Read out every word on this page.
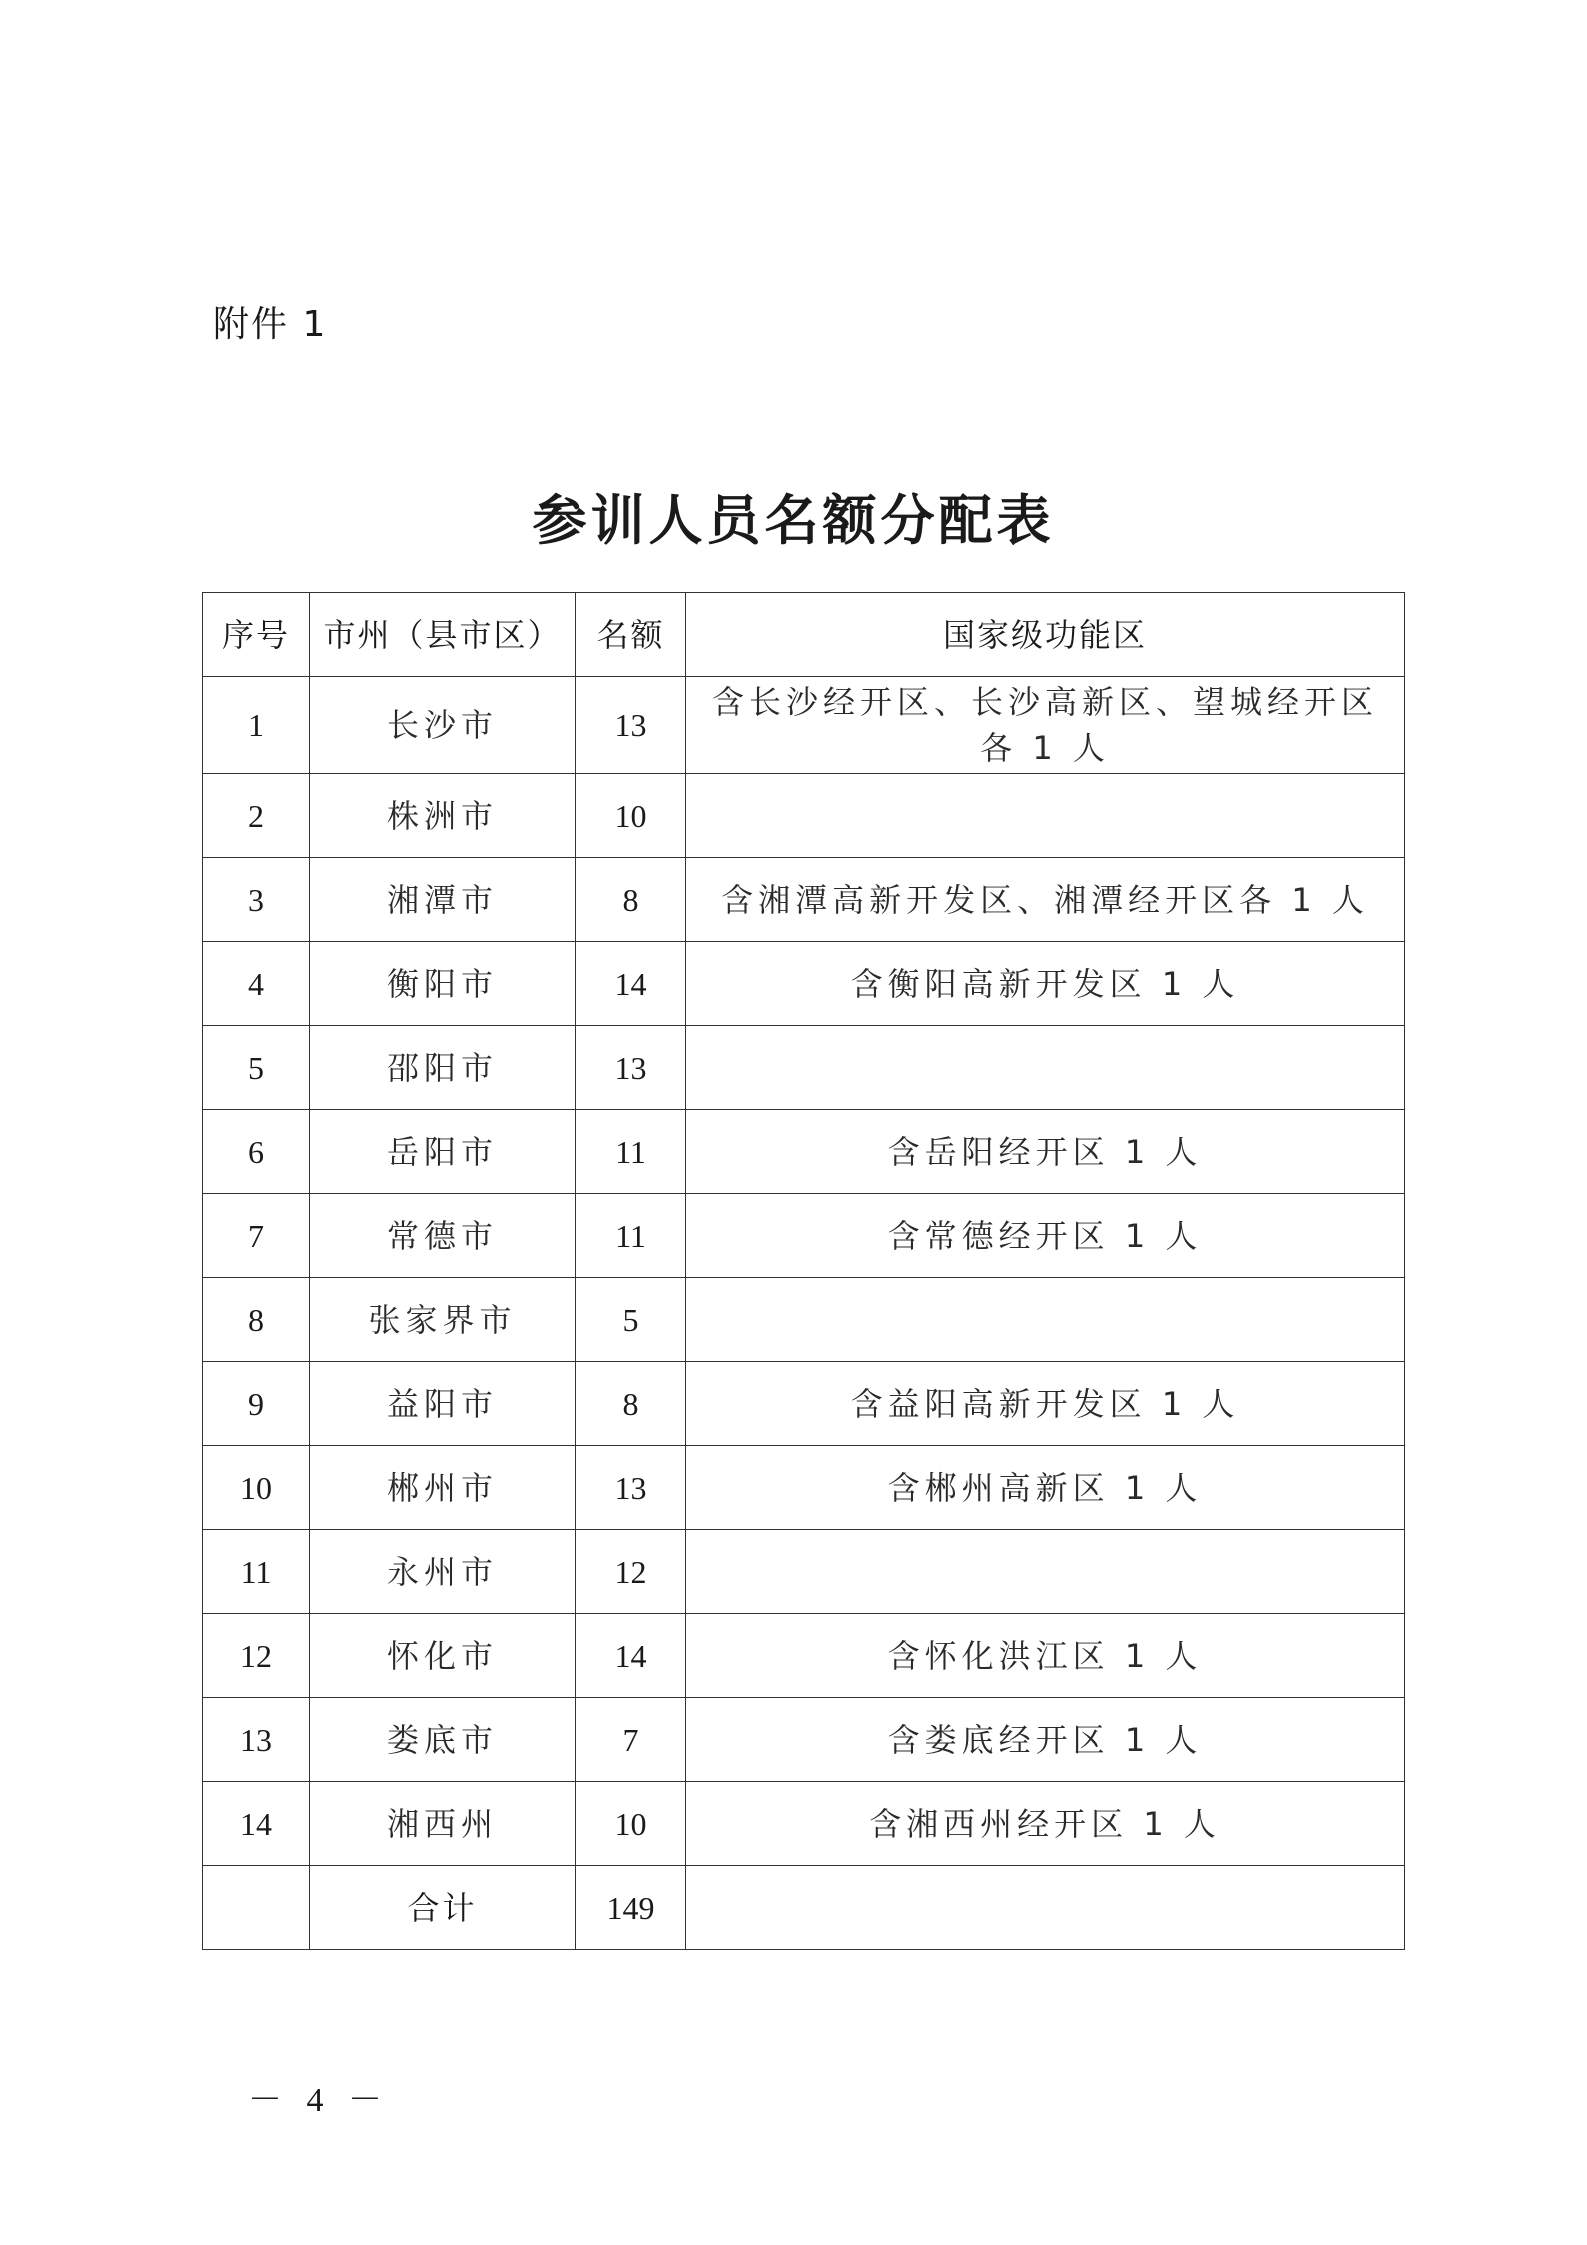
附件 1
参训人员名额分配表
序号	市州（县市区）	名额	国家级功能区
1	长沙市	13	含长沙经开区、长沙高新区、望城经开区各 1 人
2	株洲市	10	
3	湘潭市	8	含湘潭高新开发区、湘潭经开区各 1 人
4	衡阳市	14	含衡阳高新开发区 1 人
5	邵阳市	13	
6	岳阳市	11	含岳阳经开区 1 人
7	常德市	11	含常德经开区 1 人
8	张家界市	5	
9	益阳市	8	含益阳高新开发区 1 人
10	郴州市	13	含郴州高新区 1 人
11	永州市	12	
12	怀化市	14	含怀化洪江区 1 人
13	娄底市	7	含娄底经开区 1 人
14	湘西州	10	含湘西州经开区 1 人
	合计	149	
－ 4 －
